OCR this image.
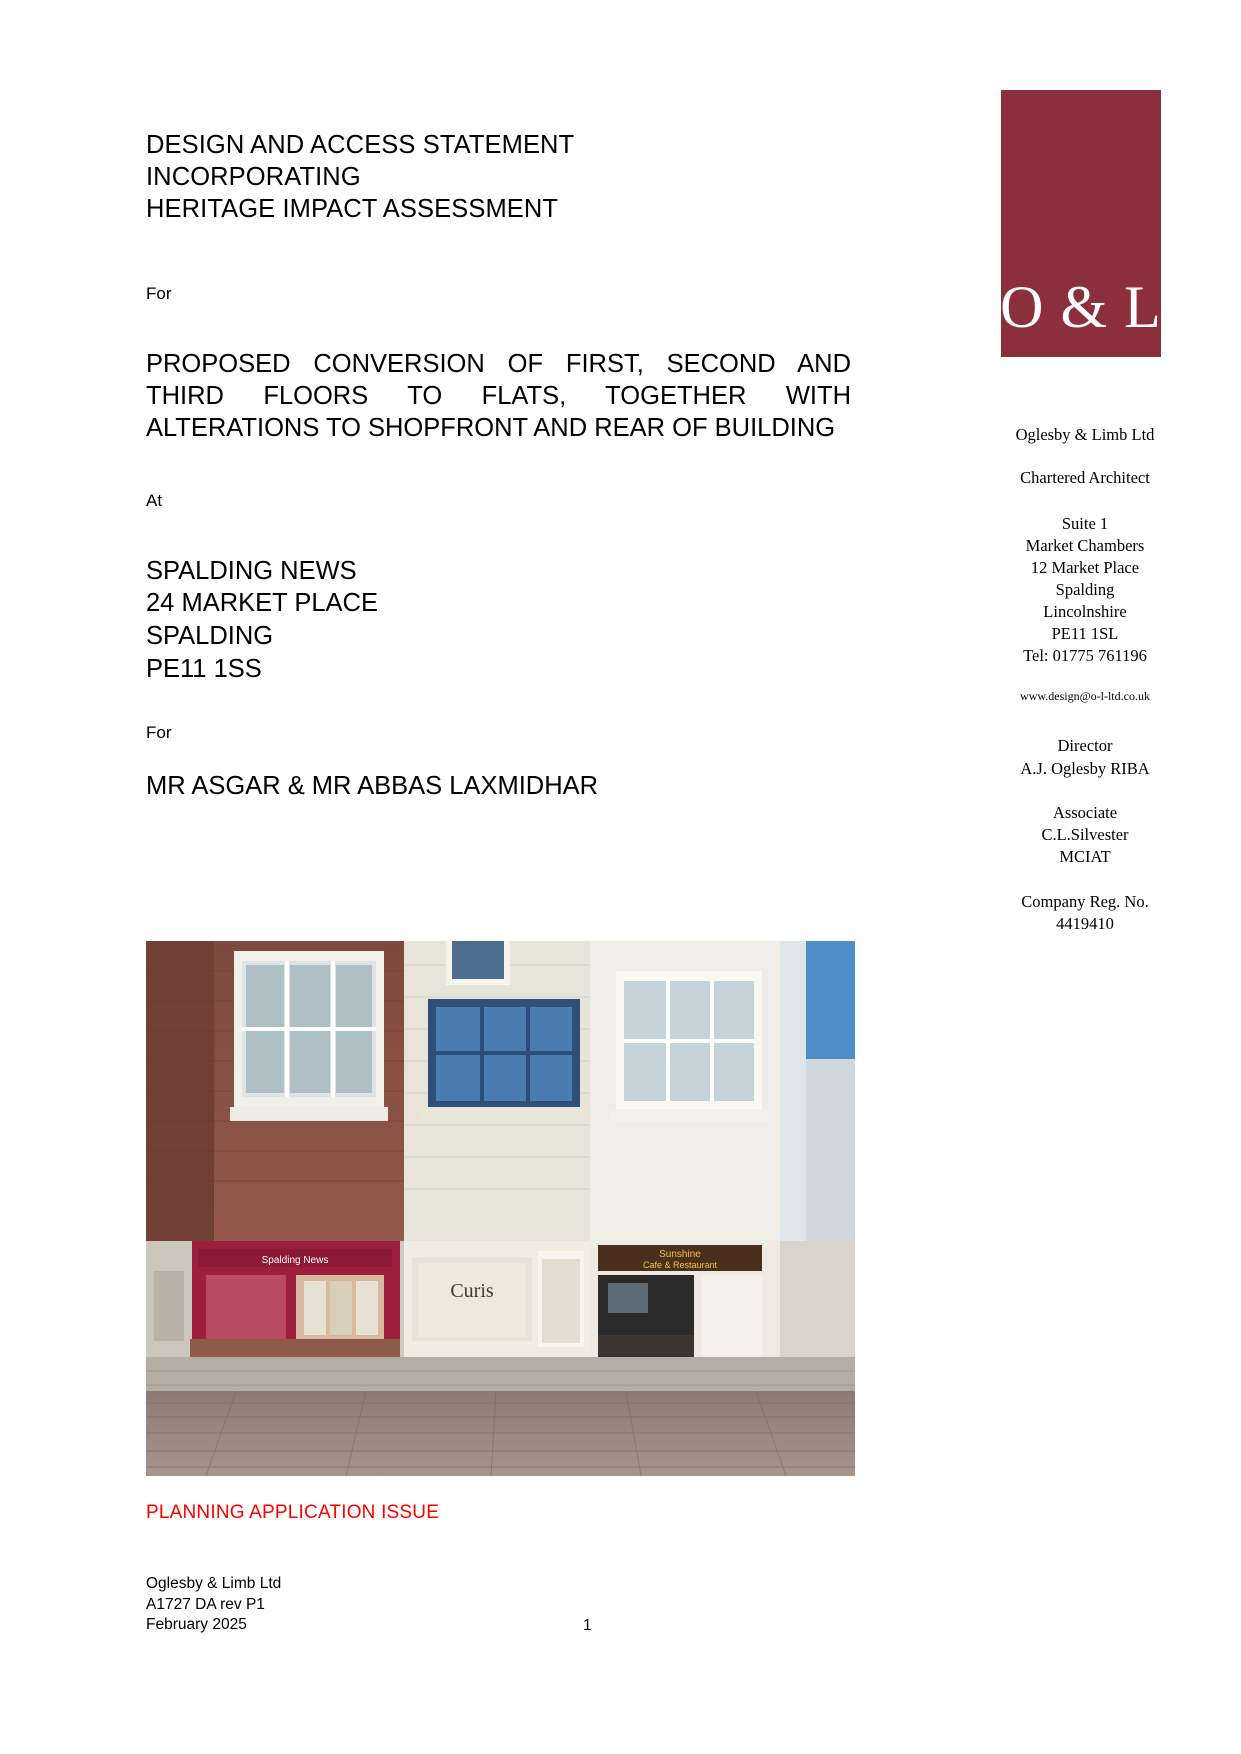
DESIGN AND ACCESS STATEMENT
INCORPORATING
HERITAGE IMPACT ASSESSMENT
For
PROPOSED CONVERSION OF FIRST, SECOND AND THIRD FLOORS TO FLATS, TOGETHER WITH ALTERATIONS TO SHOPFRONT AND REAR OF BUILDING
At
SPALDING NEWS
24 MARKET PLACE
SPALDING
PE11 1SS
For
MR ASGAR & MR ABBAS LAXMIDHAR
Spalding News
Curis
Sunshine
Cafe & Restaurant
PLANNING APPLICATION ISSUE
Oglesby & Limb Ltd
A1727 DA rev P1
February 2025	1
O & L
Oglesby & Limb Ltd
Chartered Architect
Suite 1
Market Chambers
12 Market Place
Spalding
Lincolnshire
PE11 1SL
Tel: 01775 761196
www.design@o-l-ltd.co.uk
Director
A.J. Oglesby RIBA
Associate
C.L.Silvester
MCIAT
Company Reg. No.
4419410
